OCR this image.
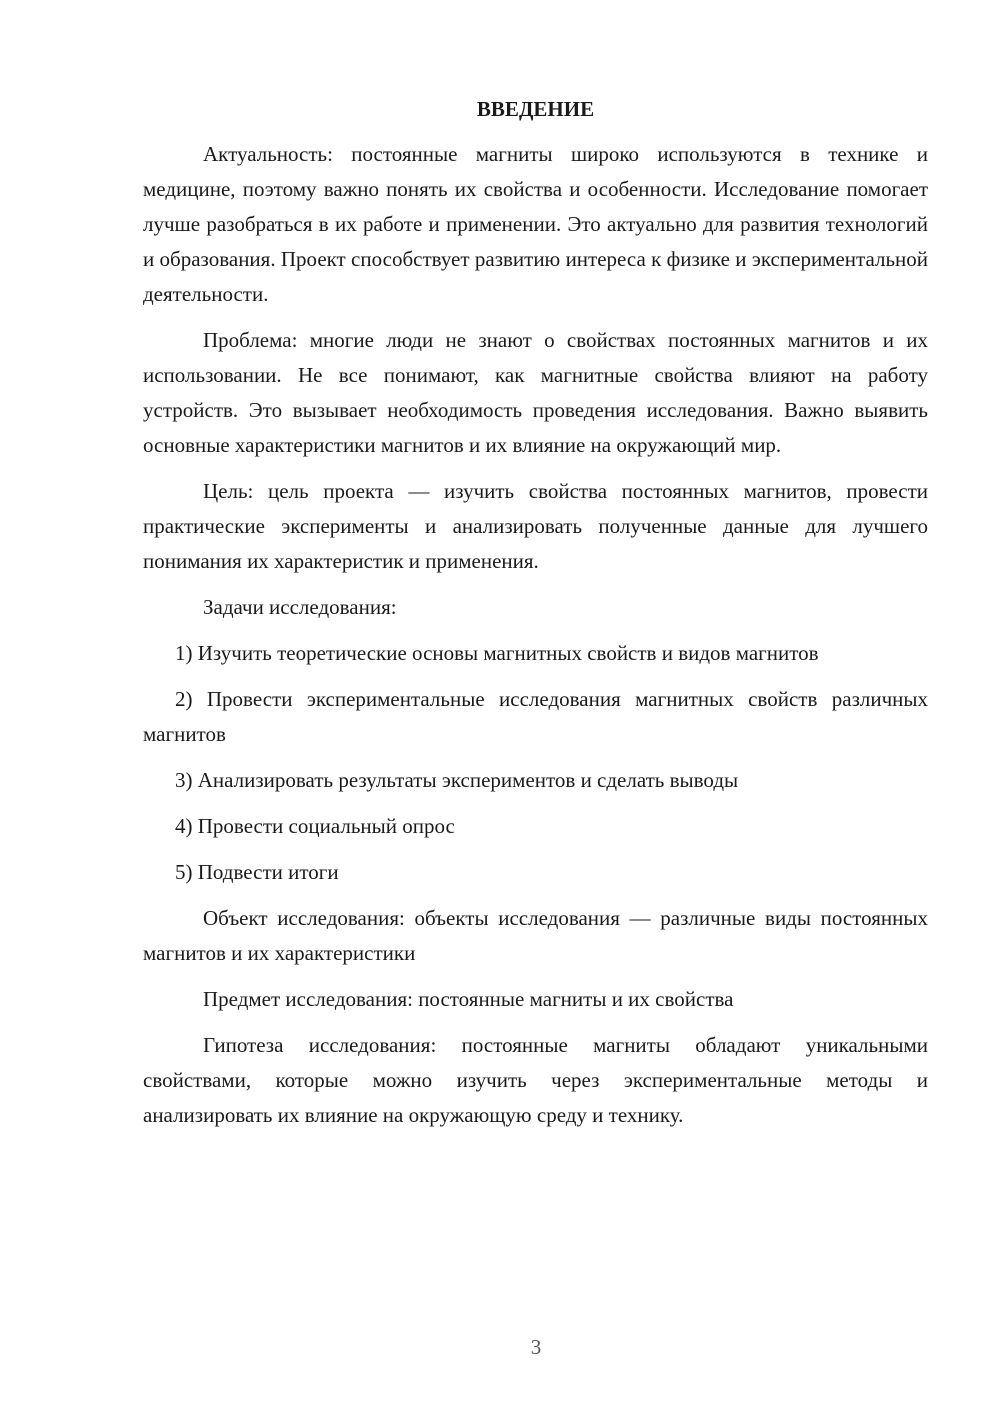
ВВЕДЕНИЕ

Актуальность: постоянные магниты широко используются в технике и медицине, поэтому важно понять их свойства и особенности. Исследование помогает лучше разобраться в их работе и применении. Это актуально для развития технологий и образования. Проект способствует развитию интереса к физике и экспериментальной деятельности.

Проблема: многие люди не знают о свойствах постоянных магнитов и их использовании. Не все понимают, как магнитные свойства влияют на работу устройств. Это вызывает необходимость проведения исследования. Важно выявить основные характеристики магнитов и их влияние на окружающий мир.

Цель: цель проекта — изучить свойства постоянных магнитов, провести практические эксперименты и анализировать полученные данные для лучшего понимания их характеристик и применения.

Задачи исследования:

1) Изучить теоретические основы магнитных свойств и видов магнитов
2) Провести экспериментальные исследования магнитных свойств различных магнитов
3) Анализировать результаты экспериментов и сделать выводы
4) Провести социальный опрос
5) Подвести итоги

Объект исследования: объекты исследования — различные виды постоянных магнитов и их характеристики

Предмет исследования: постоянные магниты и их свойства

Гипотеза исследования: постоянные магниты обладают уникальными свойствами, которые можно изучить через экспериментальные методы и анализировать их влияние на окружающую среду и технику.

3
